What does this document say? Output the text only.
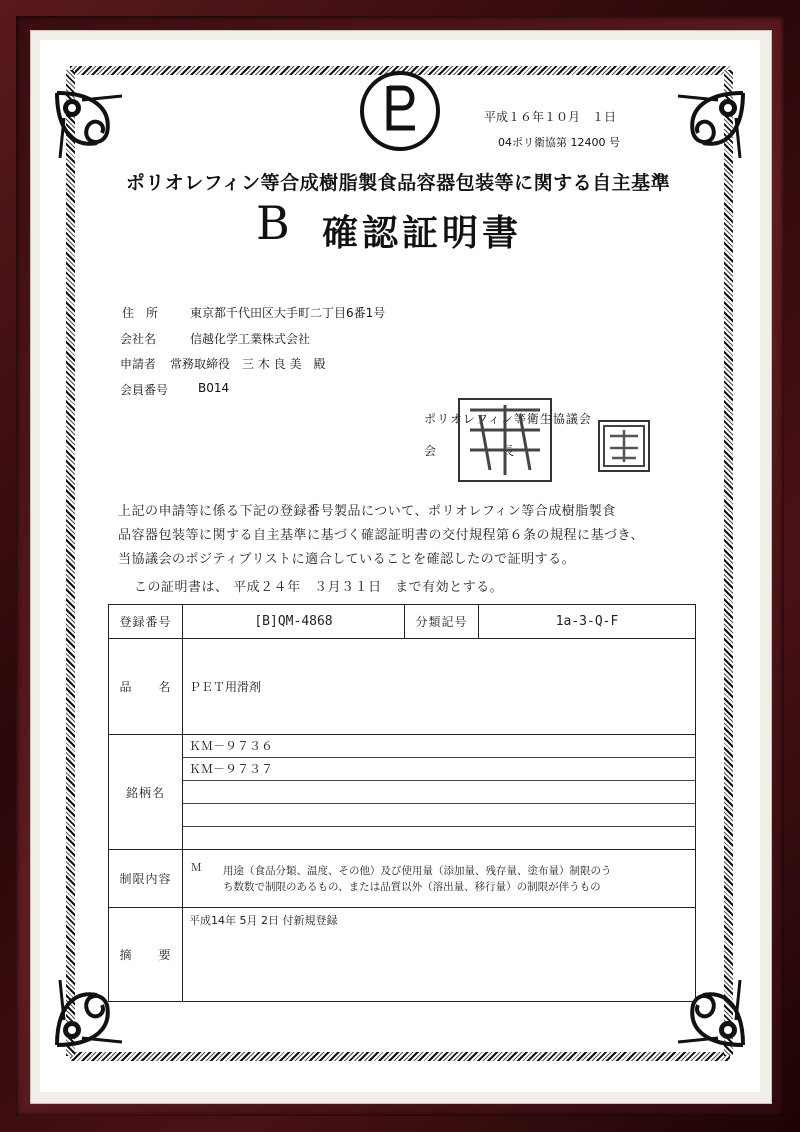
平成１６年１０月　１日
04ポリ衛協第 12400 号
ポリオレフィン等合成樹脂製食品容器包装等に関する自主基準
B 確認証明書
住　所	東京都千代田区大手町二丁目6番1号
会社名	信越化学工業株式会社
申請者 常務取締役　三 木 良 美　殿
会員番号 B014
ポリオレフィン等衛生協議会
会　　　　　長
上記の申請等に係る下記の登録番号製品について、ポリオレフィン等合成樹脂製食
品容器包装等に関する自主基準に基づく確認証明書の交付規程第６条の規程に基づき、
当協議会のポジティブリストに適合していることを確認したので証明する。
この証明書は、 平成２４年　３月３１日　まで有効とする。
登録番号	[B]QM-4868	分類記号	1a-3-Q-F
品　　名	ＰＥＴ用滑剤		
銘柄名	ＫＭ－９７３６
ＫＭ－９７３７		

制限内容	Ｍ 用途（食品分類、温度、その他）及び使用量（添加量、残存量、塗布量）制限のう
ち数数で制限のあるもの、または品質以外（溶出量、移行量）の制限が伴うもの		

摘　　要	平成14年 5月 2日 付新規登録		
